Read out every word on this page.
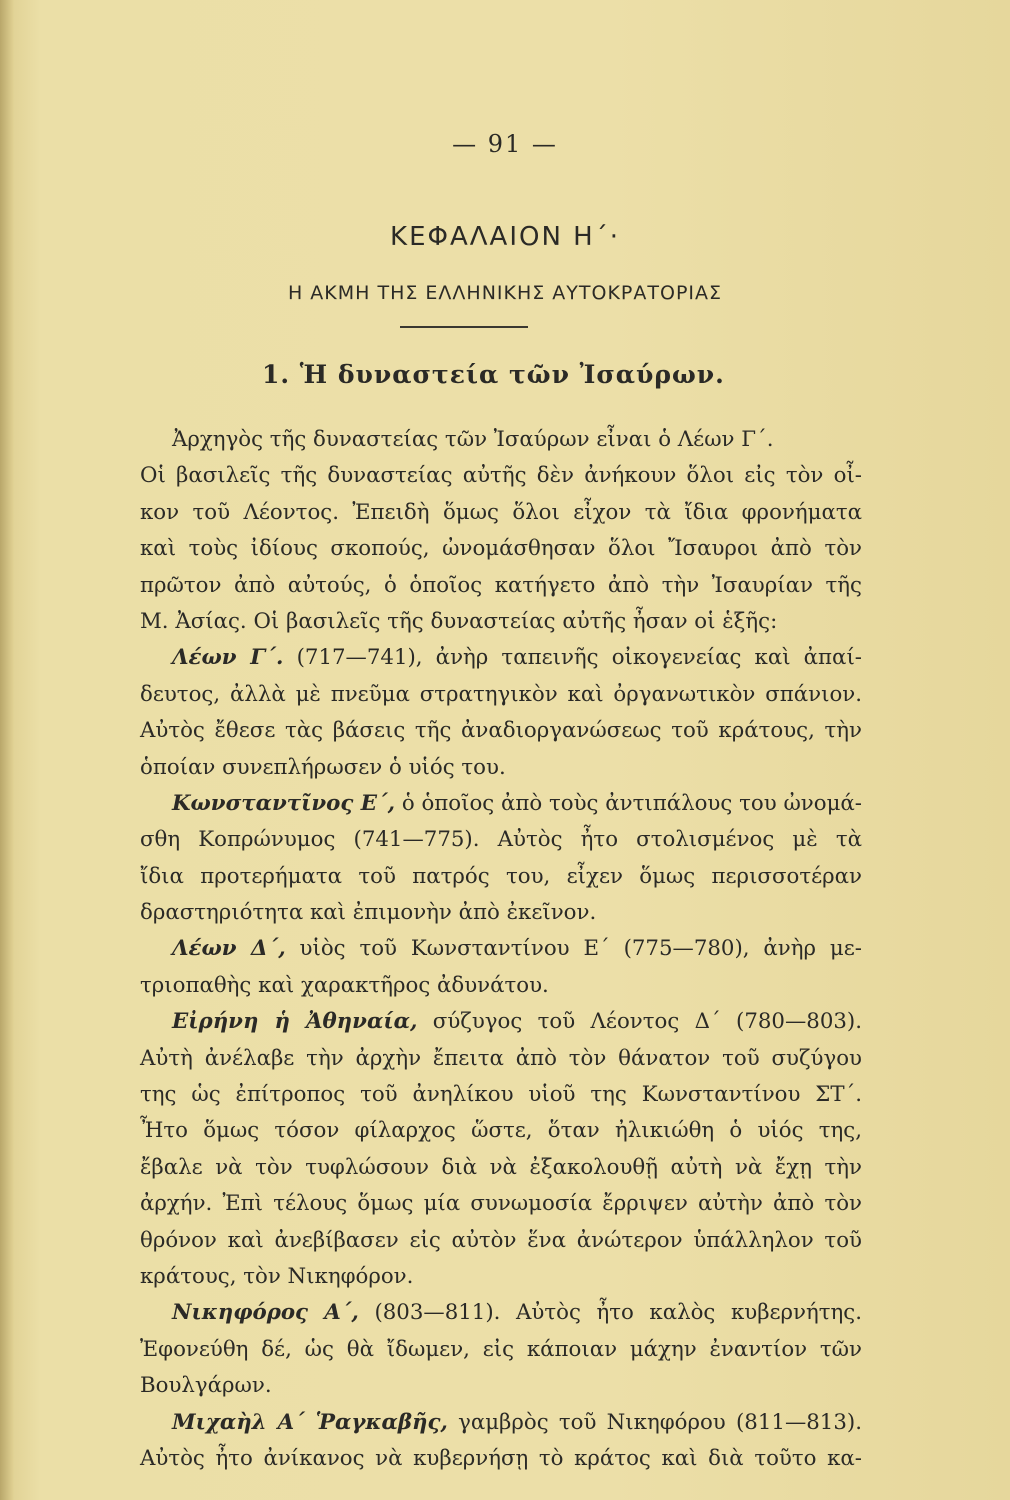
— 91 —
ΚΕΦΑΛΑΙΟΝ Η΄·
Η ΑΚΜΗ ΤΗΣ ΕΛΛΗΝΙΚΗΣ ΑΥΤΟΚΡΑΤΟΡΙΑΣ
1. Ἡ δυναστεία τῶν Ἰσαύρων.
Ἀρχηγὸς τῆς δυναστείας τῶν Ἰσαύρων εἶναι ὁ Λέων Γ΄.
Οἱ βασιλεῖς τῆς δυναστείας αὐτῆς δὲν ἀνήκουν ὅλοι εἰς τὸν οἶ-
κον τοῦ Λέοντος. Ἐπειδὴ ὅμως ὅλοι εἶχον τὰ ἴδια φρονήματα
καὶ τοὺς ἰδίους σκοπούς, ὠνομάσθησαν ὅλοι Ἴσαυροι ἀπὸ τὸν
πρῶτον ἀπὸ αὐτούς, ὁ ὁποῖος κατήγετο ἀπὸ τὴν Ἰσαυρίαν τῆς
Μ. Ἀσίας. Οἱ βασιλεῖς τῆς δυναστείας αὐτῆς ἦσαν οἱ ἑξῆς:
Λέων Γ΄. (717—741), ἀνὴρ ταπεινῆς οἰκογενείας καὶ ἀπαί-
δευτος, ἀλλὰ μὲ πνεῦμα στρατηγικὸν καὶ ὀργανωτικὸν σπάνιον.
Αὐτὸς ἔθεσε τὰς βάσεις τῆς ἀναδιοργανώσεως τοῦ κράτους, τὴν
ὁποίαν συνεπλήρωσεν ὁ υἱός του.
Κωνσταντῖνος Ε΄, ὁ ὁποῖος ἀπὸ τοὺς ἀντιπάλους του ὠνομά-
σθη Κοπρώνυμος (741—775). Αὐτὸς ἦτο στολισμένος μὲ τὰ
ἴδια προτερήματα τοῦ πατρός του, εἶχεν ὅμως περισσοτέραν
δραστηριότητα καὶ ἐπιμονὴν ἀπὸ ἐκεῖνον.
Λέων Δ΄, υἱὸς τοῦ Κωνσταντίνου Ε΄ (775—780), ἀνὴρ με-
τριοπαθὴς καὶ χαρακτῆρος ἀδυνάτου.
Εἰρήνη ἡ Ἀθηναία, σύζυγος τοῦ Λέοντος Δ΄ (780—803).
Αὐτὴ ἀνέλαβε τὴν ἀρχὴν ἔπειτα ἀπὸ τὸν θάνατον τοῦ συζύγου
της ὡς ἐπίτροπος τοῦ ἀνηλίκου υἱοῦ της Κωνσταντίνου ΣΤ΄.
Ἦτο ὅμως τόσον φίλαρχος ὥστε, ὅταν ἠλικιώθη ὁ υἱός της,
ἔβαλε νὰ τὸν τυφλώσουν διὰ νὰ ἐξακολουθῇ αὐτὴ νὰ ἔχῃ τὴν
ἀρχήν. Ἐπὶ τέλους ὅμως μία συνωμοσία ἔρριψεν αὐτὴν ἀπὸ τὸν
θρόνον καὶ ἀνεβίβασεν εἰς αὐτὸν ἕνα ἀνώτερον ὑπάλληλον τοῦ
κράτους, τὸν Νικηφόρον.
Νικηφόρος Α΄, (803—811). Αὐτὸς ἦτο καλὸς κυβερνήτης.
Ἐφονεύθη δέ, ὡς θὰ ἴδωμεν, εἰς κάποιαν μάχην ἐναντίον τῶν
Βουλγάρων.
Μιχαὴλ Α΄ Ῥαγκαβῆς, γαμβρὸς τοῦ Νικηφόρου (811—813).
Αὐτὸς ἦτο ἀνίκανος νὰ κυβερνήσῃ τὸ κράτος καὶ διὰ τοῦτο κα-
